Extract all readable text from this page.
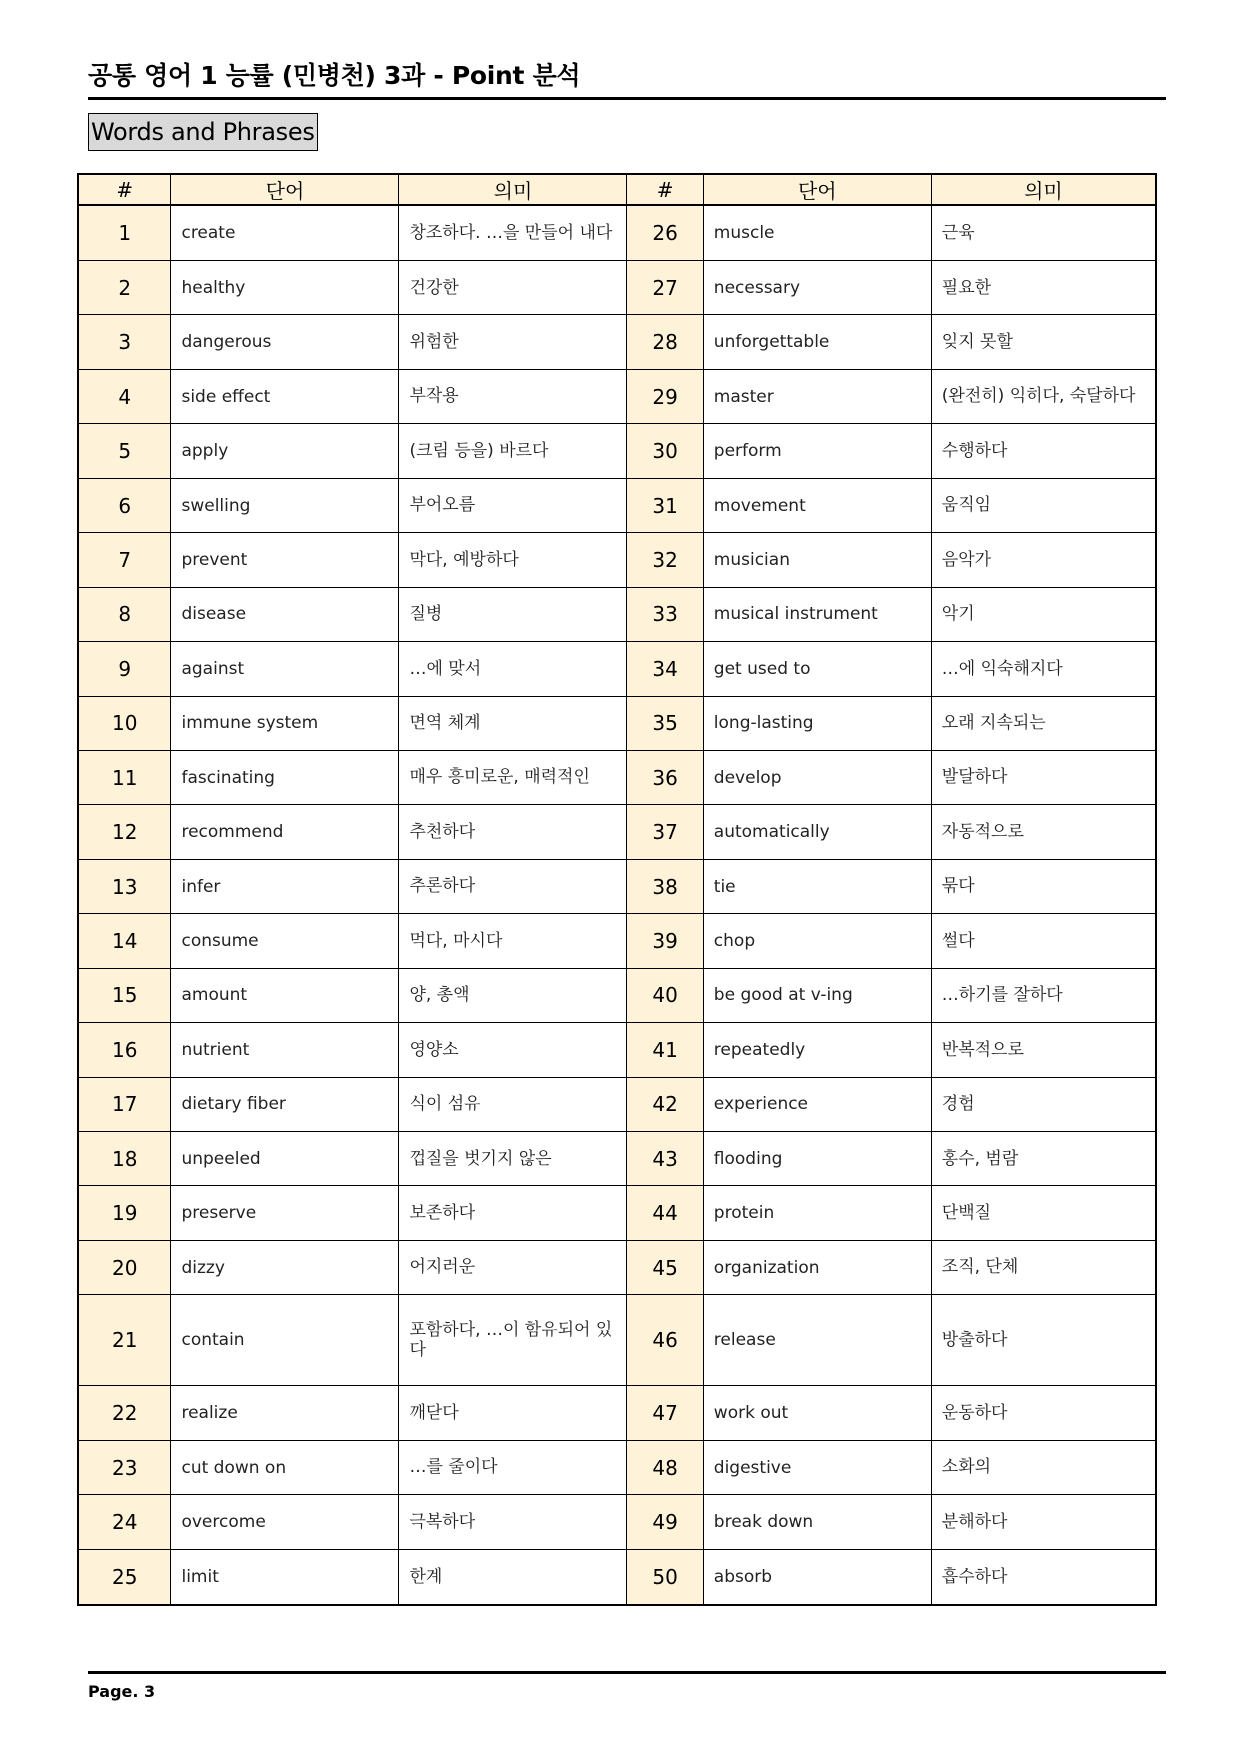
공통 영어 1 능률 (민병천) 3과 - Point 분석
Words and Phrases
#	단어	의미	#	단어	의미
1	create	창조하다. …을 만들어 내다	26	muscle	근육
2	healthy	건강한	27	necessary	필요한
3	dangerous	위험한	28	unforgettable	잊지 못할
4	side effect	부작용	29	master	(완전히) 익히다, 숙달하다
5	apply	(크림 등을) 바르다	30	perform	수행하다
6	swelling	부어오름	31	movement	움직임
7	prevent	막다, 예방하다	32	musician	음악가
8	disease	질병	33	musical instrument	악기
9	against	…에 맞서	34	get used to	…에 익숙해지다
10	immune system	면역 체계	35	long-lasting	오래 지속되는
11	fascinating	매우 흥미로운, 매력적인	36	develop	발달하다
12	recommend	추천하다	37	automatically	자동적으로
13	infer	추론하다	38	tie	묶다
14	consume	먹다, 마시다	39	chop	썰다
15	amount	양, 총액	40	be good at v-ing	…하기를 잘하다
16	nutrient	영양소	41	repeatedly	반복적으로
17	dietary fiber	식이 섬유	42	experience	경험
18	unpeeled	껍질을 벗기지 않은	43	flooding	홍수, 범람
19	preserve	보존하다	44	protein	단백질
20	dizzy	어지러운	45	organization	조직, 단체
21	contain	포함하다, …이 함유되어 있다	46	release	방출하다
22	realize	깨닫다	47	work out	운동하다
23	cut down on	…를 줄이다	48	digestive	소화의
24	overcome	극복하다	49	break down	분해하다
25	limit	한계	50	absorb	흡수하다
Page. 3
